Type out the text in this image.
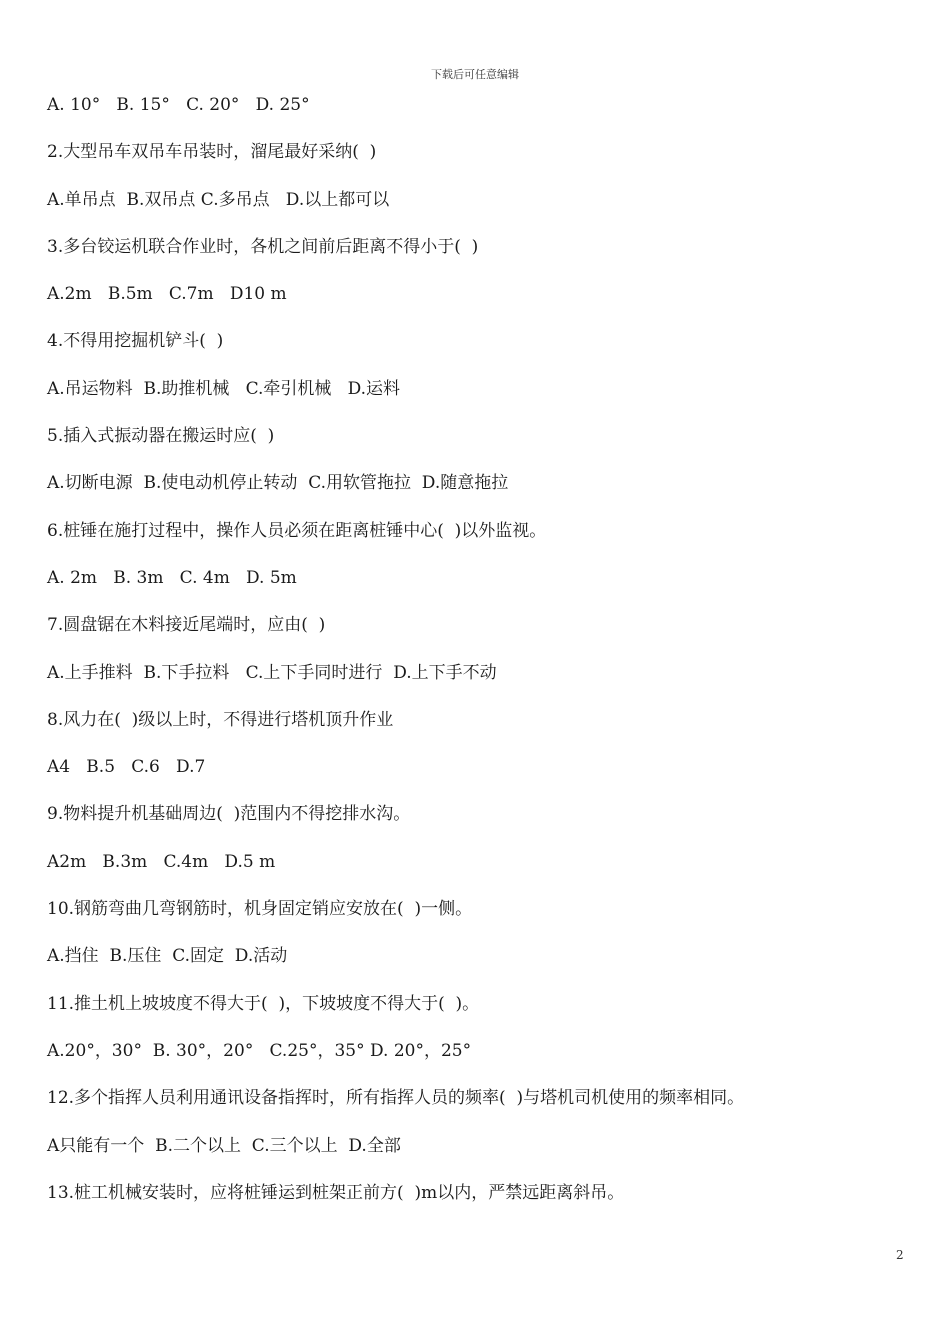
下载后可任意编辑
A. 10°   B. 15°   C. 20°   D. 25°
2.大型吊车双吊车吊装时，溜尾最好采纳(  )
A.单吊点  B.双吊点 C.多吊点   D.以上都可以
3.多台铰运机联合作业时，各机之间前后距离不得小于(  )
A.2m   B.5m   C.7m   D10 m
4.不得用挖掘机铲斗(  )
A.吊运物料  B.助推机械   C.牵引机械   D.运料
5.插入式振动器在搬运时应(  )
A.切断电源  B.使电动机停止转动  C.用软管拖拉  D.随意拖拉
6.桩锤在施打过程中，操作人员必须在距离桩锤中心(  )以外监视。
A. 2m   B. 3m   C. 4m   D. 5m
7.圆盘锯在木料接近尾端时，应由(  )
A.上手推料  B.下手拉料   C.上下手同时进行  D.上下手不动
8.风力在(  )级以上时，不得进行塔机顶升作业
A4   B.5   C.6   D.7
9.物料提升机基础周边(  )范围内不得挖排水沟。
A2m   B.3m   C.4m   D.5 m
10.钢筋弯曲几弯钢筋时，机身固定销应安放在(  )一侧。
A.挡住  B.压住  C.固定  D.活动
11.推土机上坡坡度不得大于(  )，下坡坡度不得大于(  )。
A.20°，30°  B. 30°，20°   C.25°，35° D. 20°，25°
12.多个指挥人员利用通讯设备指挥时，所有指挥人员的频率(  )与塔机司机使用的频率相同。
A只能有一个  B.二个以上  C.三个以上  D.全部
13.桩工机械安装时，应将桩锤运到桩架正前方(  )m以内，严禁远距离斜吊。
2
